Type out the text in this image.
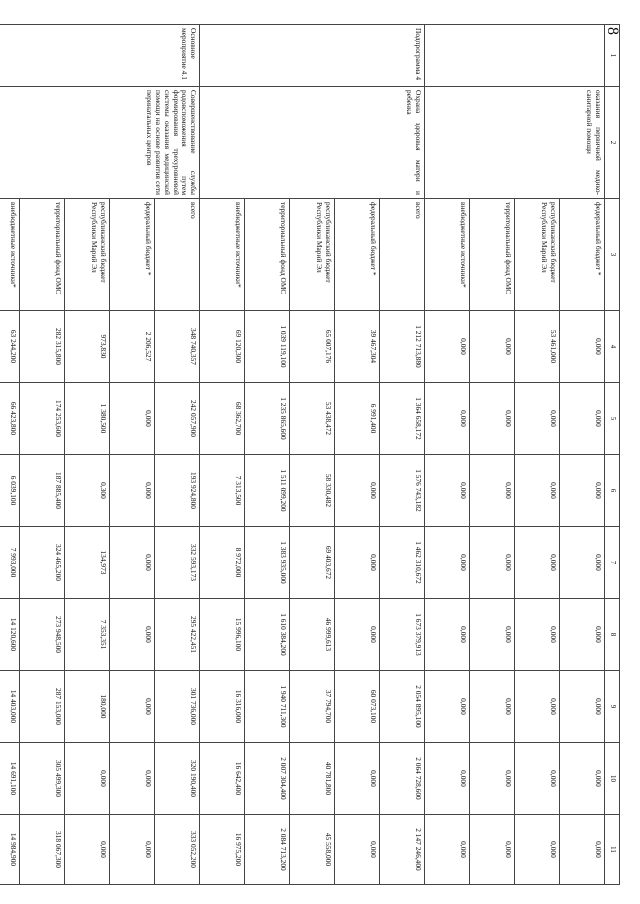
8
1	2	3	4	5	6	7	8	9	10	11
	оказания первичной медико-санитарной помощи	федеральный бюджет *	0,000	0,000	0,000	0,000	0,000	0,000	0,000	0,000
		республиканский бюджет
Республики Марий Эл	53 461,000	0,000	0,000	0,000	0,000	0,000	0,000	0,000
		территориальный фонд ОМС	0,000	0,000	0,000	0,000	0,000	0,000	0,000	0,000
		внебюджетные источники*	0,000	0,000	0,000	0,000	0,000	0,000	0,000	0,000
Подпрограмма 4	Охрана здоровья матери и ребенка	всего	1 212 713,880	1 364 658,172	1 576 743,182	1 462 310,672	1 673 379,913	2 054 895,100	2 064 728,600	2 147 246,400
		федеральный бюджет *	39 467,304	6 991,400	0,000	0,000	0,000	60 073,100	0,000	0,000
		республиканский бюджет
Республики Марий Эл	65 007,176	53 438,472	58 330,482	69 403,672	46 999,613	37 794,700	40 781,800	45 558,000
		территориальный фонд ОМС	1 039 119,100	1 235 865,600	1 511 099,200	1 383 935,000	1 610 384,200	1 940 711,300	2 007 304,400	2 084 713,200
		внебюджетные источники*	69 120,300	68 362,700	7 313,500	8 972,000	15 996,100	16 316,000	16 642,400	16 975,200
Основное мероприятие 4.1	Совершенствование службы родовспоможения путем формирования трехуровневой системы оказания медицинской помощи на основе развития сети перинатальных центров	всего	348 740,357	242 057,900	193 924,800	332 593,173	295 422,451	301 736,000	320 190,400	333 052,200
		федеральный бюджет *	2 206,527	0,000	0,000	0,000	0,000	0,000	0,000	0,000
		республиканский бюджет
Республики Марий Эл	973,830	1 380,500	0,300	134,973	7 353,351	180,000	0,000	0,000
		территориальный фонд ОМС	282 315,800	174 253,600	187 885,400	324 465,200	273 948,500	287 153,000	305 499,300	318 067,300
		внебюджетные источники*	63 244,200	66 423,800	6 039,100	7 993,000	14 120,600	14 403,000	14 691,100	14 984,900
